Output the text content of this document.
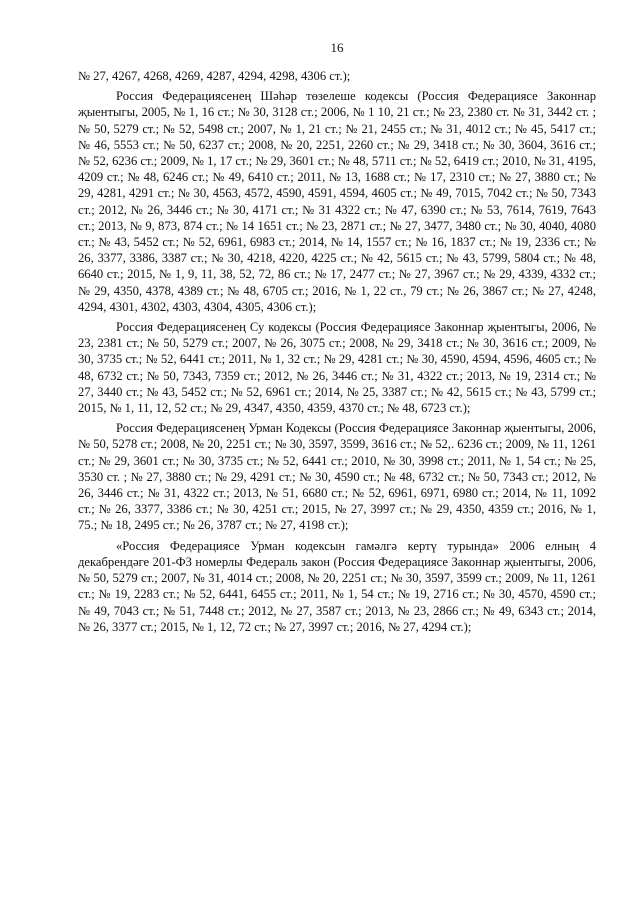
16

№ 27, 4267, 4268, 4269, 4287, 4294, 4298, 4306 ст.);

Россия Федерациясенең Шәһәр төзелеше кодексы (Россия Федерациясе Законнар җыентыгы, 2005, № 1, 16 ст.; № 30, 3128 ст.; 2006, № 1 10, 21 ст.; № 23, 2380 ст. № 31, 3442 ст. ; № 50, 5279 ст.; № 52, 5498 ст.; 2007, № 1, 21 ст.; № 21, 2455 ст.; № 31, 4012 ст.; № 45, 5417 ст.; № 46, 5553 ст.; № 50, 6237 ст.; 2008, № 20, 2251, 2260 ст.; № 29, 3418 ст.; № 30, 3604, 3616 ст.; № 52, 6236 ст.; 2009, № 1, 17 ст.; № 29, 3601 ст.; № 48, 5711 ст.; № 52, 6419 ст.; 2010, № 31, 4195, 4209 ст.; № 48, 6246 ст.; № 49, 6410 ст.; 2011, № 13, 1688 ст.; № 17, 2310 ст.; № 27, 3880 ст.; № 29, 4281, 4291 ст.; № 30, 4563, 4572, 4590, 4591, 4594, 4605 ст.; № 49, 7015, 7042 ст.; № 50, 7343 ст.; 2012, № 26, 3446 ст.; № 30, 4171 ст.; № 31 4322 ст.; № 47, 6390 ст.; № 53, 7614, 7619, 7643 ст.; 2013, № 9, 873, 874 ст.; № 14 1651 ст.; № 23, 2871 ст.; № 27, 3477, 3480 ст.; № 30, 4040, 4080 ст.; № 43, 5452 ст.; № 52, 6961, 6983 ст.; 2014, № 14, 1557 ст.; № 16, 1837 ст.; № 19, 2336 ст.; № 26, 3377, 3386, 3387 ст.; № 30, 4218, 4220, 4225 ст.; № 42, 5615 ст.; № 43, 5799, 5804 ст.; № 48, 6640 ст.; 2015, № 1, 9, 11, 38, 52, 72, 86 ст.; № 17, 2477 ст.; № 27, 3967 ст.; № 29, 4339, 4332 ст.; № 29, 4350, 4378, 4389 ст.; № 48, 6705 ст.; 2016, № 1, 22 ст., 79 ст.; № 26, 3867 ст.; № 27, 4248, 4294, 4301, 4302, 4303, 4304, 4305, 4306 ст.);

Россия Федерациясенең Су кодексы (Россия Федерациясе Законнар җыентыгы, 2006, № 23, 2381 ст.; № 50, 5279 ст.; 2007, № 26, 3075 ст.; 2008, № 29, 3418 ст.; № 30, 3616 ст.; 2009, № 30, 3735 ст.; № 52, 6441 ст.; 2011, № 1, 32 ст.; № 29, 4281 ст.; № 30, 4590, 4594, 4596, 4605 ст.; № 48, 6732 ст.; № 50, 7343, 7359 ст.; 2012, № 26, 3446 ст.; № 31, 4322 ст.; 2013, № 19, 2314 ст.; № 27, 3440 ст.; № 43, 5452 ст.; № 52, 6961 ст.; 2014, № 25, 3387 ст.; № 42, 5615 ст.; № 43, 5799 ст.; 2015, № 1, 11, 12, 52 ст.; № 29, 4347, 4350, 4359, 4370 ст.; № 48, 6723 ст.);

Россия Федерациясенең Урман Кодексы (Россия Федерациясе Законнар җыентыгы, 2006, № 50, 5278 ст.; 2008, № 20, 2251 ст.; № 30, 3597, 3599, 3616 ст.; № 52,. 6236 ст.; 2009, № 11, 1261 ст.; № 29, 3601 ст.; № 30, 3735 ст.; № 52, 6441 ст.; 2010, № 30, 3998 ст.; 2011, № 1, 54 ст.; № 25, 3530 ст. ; № 27, 3880 ст.; № 29, 4291 ст.; № 30, 4590 ст.; № 48, 6732 ст.; № 50, 7343 ст.; 2012, № 26, 3446 ст.; № 31, 4322 ст.; 2013, № 51, 6680 ст.; № 52, 6961, 6971, 6980 ст.; 2014, № 11, 1092 ст.; № 26, 3377, 3386 ст.; № 30, 4251 ст.; 2015, № 27, 3997 ст.; № 29, 4350, 4359 ст.; 2016, № 1, 75.; № 18, 2495 ст.; № 26, 3787 ст.; № 27, 4198 ст.);

«Россия Федерациясе Урман кодексын гамәлгә кертү турында» 2006 елның 4 декабрендәге 201-ФЗ номерлы Федераль закон (Россия Федерациясе Законнар җыентыгы, 2006, № 50, 5279 ст.; 2007, № 31, 4014 ст.; 2008, № 20, 2251 ст.; № 30, 3597, 3599 ст.; 2009, № 11, 1261 ст.; № 19, 2283 ст.; № 52, 6441, 6455 ст.; 2011, № 1, 54 ст.; № 19, 2716 ст.; № 30, 4570, 4590 ст.; № 49, 7043 ст.; № 51, 7448 ст.; 2012, № 27, 3587 ст.; 2013, № 23, 2866 ст.; № 49, 6343 ст.; 2014, № 26, 3377 ст.; 2015, № 1, 12, 72 ст.; № 27, 3997 ст.; 2016, № 27, 4294 ст.);
